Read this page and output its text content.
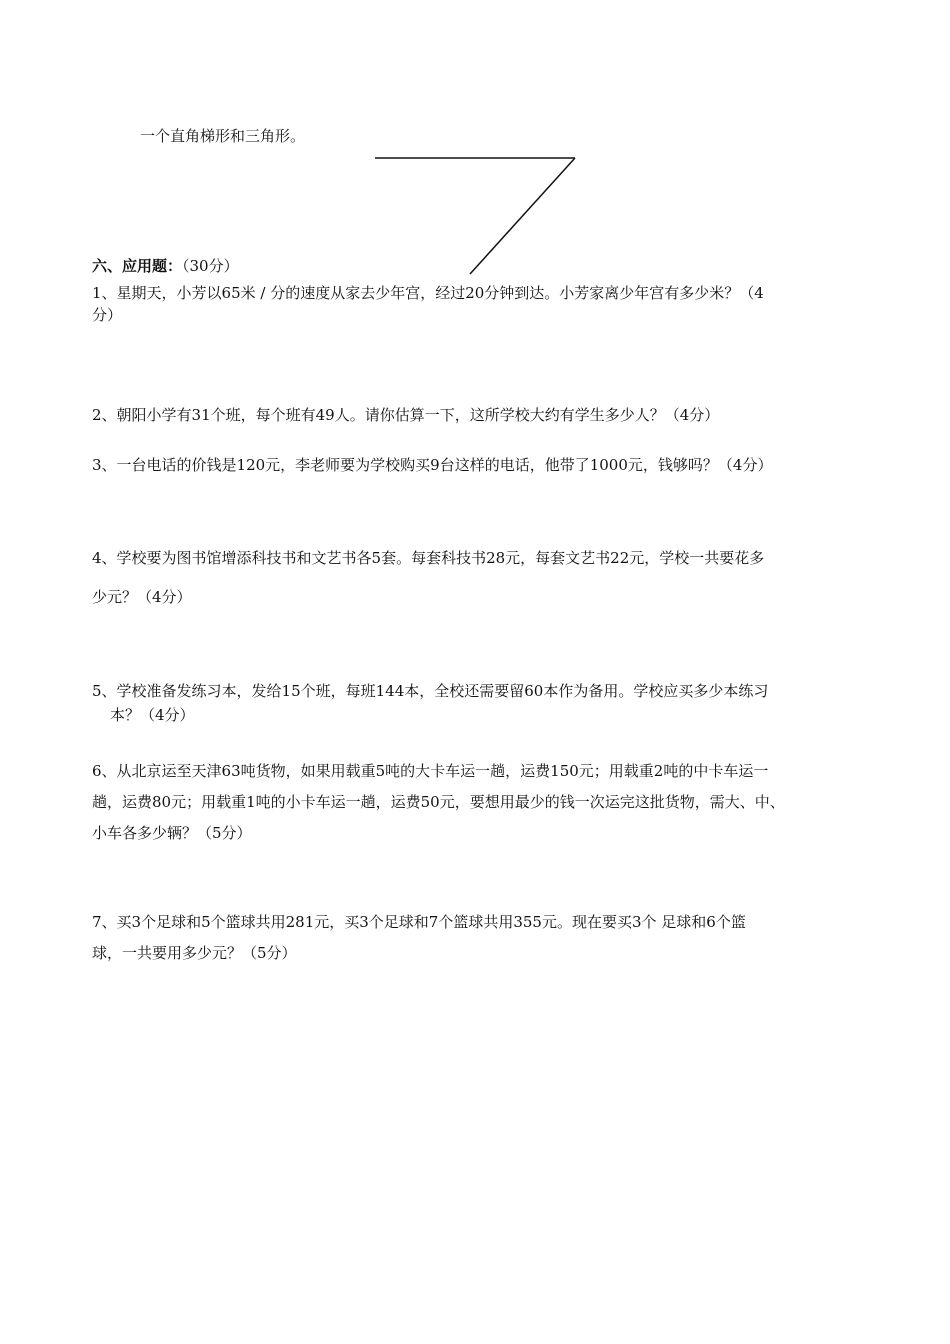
一个直角梯形和三角形。
六、应用题：（30分）
1、星期天，小芳以65米 / 分的速度从家去少年宫，经过20分钟到达。小芳家离少年宫有多少米？（4
分）
2、朝阳小学有31个班，每个班有49人。请你估算一下，这所学校大约有学生多少人？（4分）
3、一台电话的价钱是120元，李老师要为学校购买9台这样的电话，他带了1000元，钱够吗？（4分）
4、学校要为图书馆增添科技书和文艺书各5套。每套科技书28元，每套文艺书22元，学校一共要花多
少元？（4分）
5、学校准备发练习本，发给15个班，每班144本，全校还需要留60本作为备用。学校应买多少本练习
本？（4分）
6、从北京运至天津63吨货物，如果用载重5吨的大卡车运一趟，运费150元；用载重2吨的中卡车运一
趟，运费80元；用载重1吨的小卡车运一趟，运费50元，要想用最少的钱一次运完这批货物，需大、中、
小车各多少辆？（5分）
7、买3个足球和5个篮球共用281元，买3个足球和7个篮球共用355元。现在要买3个 足球和6个篮
球，一共要用多少元？（5分）
